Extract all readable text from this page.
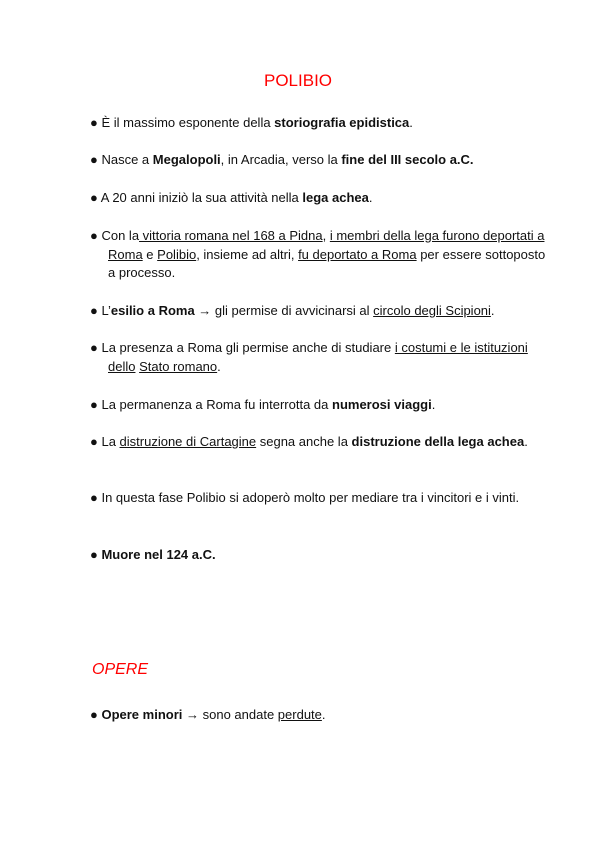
POLIBIO

● È il massimo esponente della storiografia epidistica.

● Nasce a Megalopoli, in Arcadia, verso la fine del III secolo a.C.

● A 20 anni iniziò la sua attività nella lega achea.

● Con la vittoria romana nel 168 a Pidna, i membri della lega furono deportati a Roma e Polibio, insieme ad altri, fu deportato a Roma per essere sottoposto a processo.

● L’esilio a Roma → gli permise di avvicinarsi al circolo degli Scipioni.

● La presenza a Roma gli permise anche di studiare i costumi e le istituzioni dello Stato romano.

● La permanenza a Roma fu interrotta da numerosi viaggi.

● La distruzione di Cartagine segna anche la distruzione della lega achea.

● In questa fase Polibio si adoperò molto per mediare tra i vincitori e i vinti.

● Muore nel 124 a.C.

OPERE

● Opere minori → sono andate perdute.
